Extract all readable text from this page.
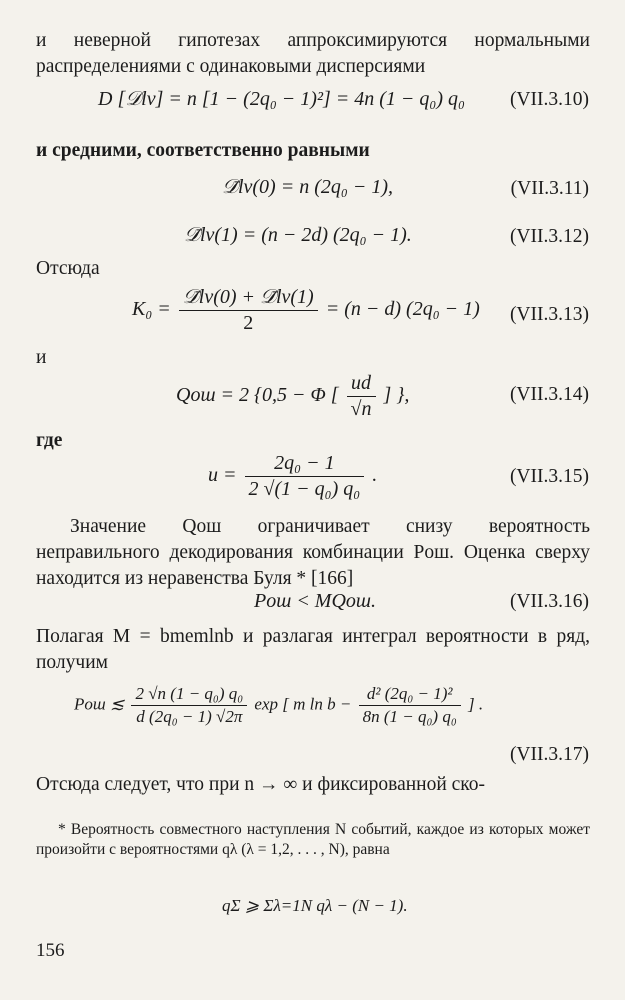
и неверной гипотезах аппроксимируются нормальными распределениями с одинаковыми дисперсиями
D [𝒟lν] = n [1 − (2q₀ − 1)²] = 4n (1 − q₀) q₀ (VII.3.10)
и средними, соответственно равными
𝒟̄lν(0) = n (2q₀ − 1),	(VII.3.11)
𝒟̄lν(1) = (n − 2d) (2q₀ − 1).	(VII.3.12)
Отсюда
$K_0 = \frac{\text{𝒟̄lν(0) + 𝒟̄lν(1)}}{2} = (n - d) (2q_0 - 1)$ (VII.3.13)
и
Qош = 2 {0,5 − Φ [ $\frac{ud}{√n}$ ] },	(VII.3.14)
где
$u = \frac{\text{2q₀ − 1}}{\text{2 √(1 − q₀) q₀}}$ .	(VII.3.15)
Значение Qош ограничивает снизу вероятность неправильного декодирования комбинации Pош. Оценка сверху находится из неравенства Буля * [166]
Pош < MQош.	(VII.3.16)
Полагая M = bmemlnb и разлагая интеграл вероятности в ряд, получим
Pош ≲ $\frac{\text{2 √n (1 − q₀) q₀}}{\text{d (2q₀ − 1) √2π}}$ exp [ m $\ln b - \frac{\text{d² (2q₀ − 1)²}}{\text{8n (1 − q₀) q₀}}$ ] .
(VII.3.17)
Отсюда следует, что при n → ∞ и фиксированной ско-
* Вероятность совместного наступления N событий, каждое из которых может произойти с вероятностями qλ (λ = 1,2, . . . , N), равна
qΣ ⩾ Σλ=1N qλ − (N − 1).
156
